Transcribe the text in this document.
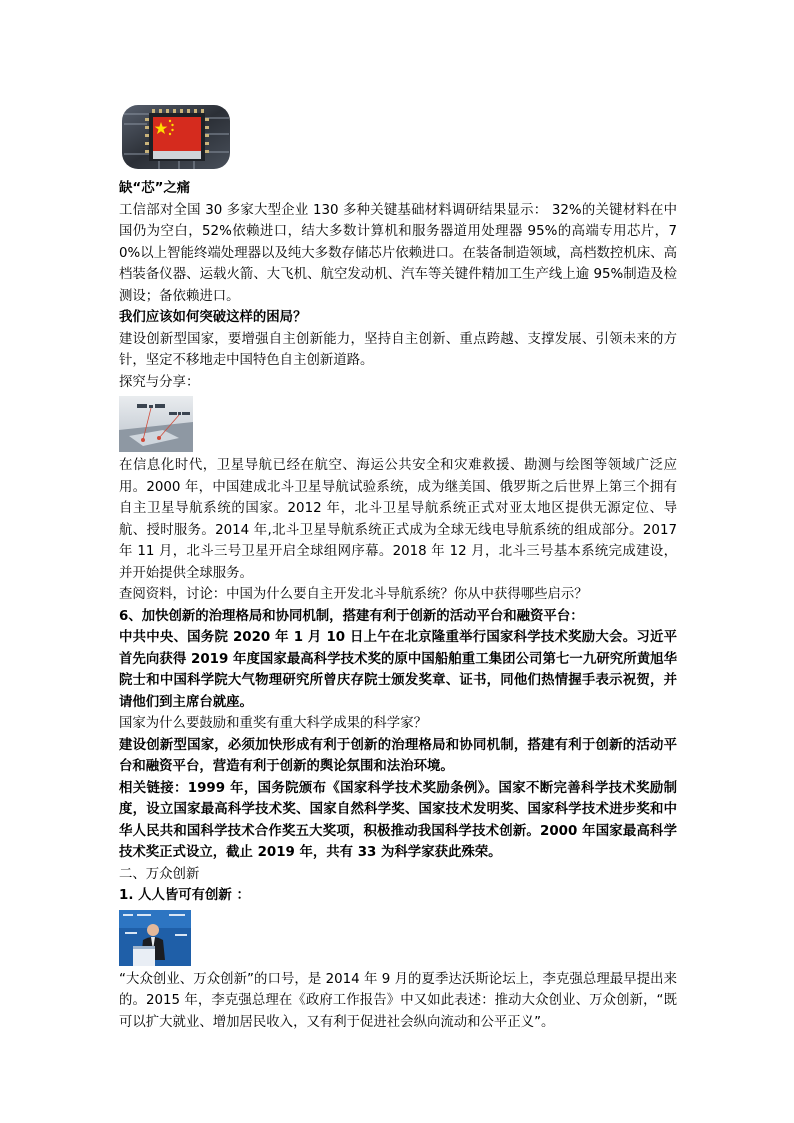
缺“芯”之痛

工信部对全国 30 多家大型企业 130 多种关键基础材料调研结果显示： 32%的关键材料在中国仍为空白，52%依赖进口，结大多数计算机和服务器道用处理器 95%的高端专用芯片，70%以上智能终端处理器以及纯大多数存储芯片依赖进口。在装备制造领域，高档数控机床、高档装备仪器、运载火箭、大飞机、航空发动机、汽车等关键件精加工生产线上逾 95%制造及检测设；备依赖进口。

我们应该如何突破这样的困局？

建设创新型国家，要增强自主创新能力，坚持自主创新、重点跨越、支撑发展、引领未来的方针，坚定不移地走中国特色自主创新道路。

探究与分享：

在信息化时代，卫星导航已经在航空、海运公共安全和灾难救援、勘测与绘图等领域广泛应用。2000 年，中国建成北斗卫星导航试验系统，成为继美国、俄罗斯之后世界上第三个拥有自主卫星导航系统的国家。2012 年，北斗卫星导航系统正式对亚太地区提供无源定位、导航、授时服务。2014 年,北斗卫星导航系统正式成为全球无线电导航系统的组成部分。2017 年 11 月，北斗三号卫星开启全球组网序幕。2018 年 12 月，北斗三号基本系统完成建设，并开始提供全球服务。

查阅资料，讨论：中国为什么要自主开发北斗导航系统？你从中获得哪些启示？

6、加快创新的治理格局和协同机制，搭建有利于创新的活动平台和融资平台：

中共中央、国务院 2020 年 1 月 10 日上午在北京隆重举行国家科学技术奖励大会。习近平首先向获得 2019 年度国家最高科学技术奖的原中国船舶重工集团公司第七一九研究所黄旭华院士和中国科学院大气物理研究所曾庆存院士颁发奖章、证书，同他们热情握手表示祝贺，并请他们到主席台就座。

国家为什么要鼓励和重奖有重大科学成果的科学家？

建设创新型国家，必须加快形成有利于创新的治理格局和协同机制，搭建有利于创新的活动平台和融资平台，营造有利于创新的舆论氛围和法治环境。

相关链接：1999 年，国务院颁布《国家科学技术奖励条例》。国家不断完善科学技术奖励制度，设立国家最高科学技术奖、国家自然科学奖、国家技术发明奖、国家科学技术进步奖和中华人民共和国科学技术合作奖五大奖项，积极推动我国科学技术创新。2000 年国家最高科学技术奖正式设立，截止 2019 年，共有 33 为科学家获此殊荣。

二、万众创新

1. 人人皆可有创新 ：

“大众创业、万众创新”的口号，是 2014 年 9 月的夏季达沃斯论坛上，李克强总理最早提出来的。2015 年，李克强总理在《政府工作报告》中又如此表述：推动大众创业、万众创新，“既可以扩大就业、增加居民收入，又有利于促进社会纵向流动和公平正义”。
